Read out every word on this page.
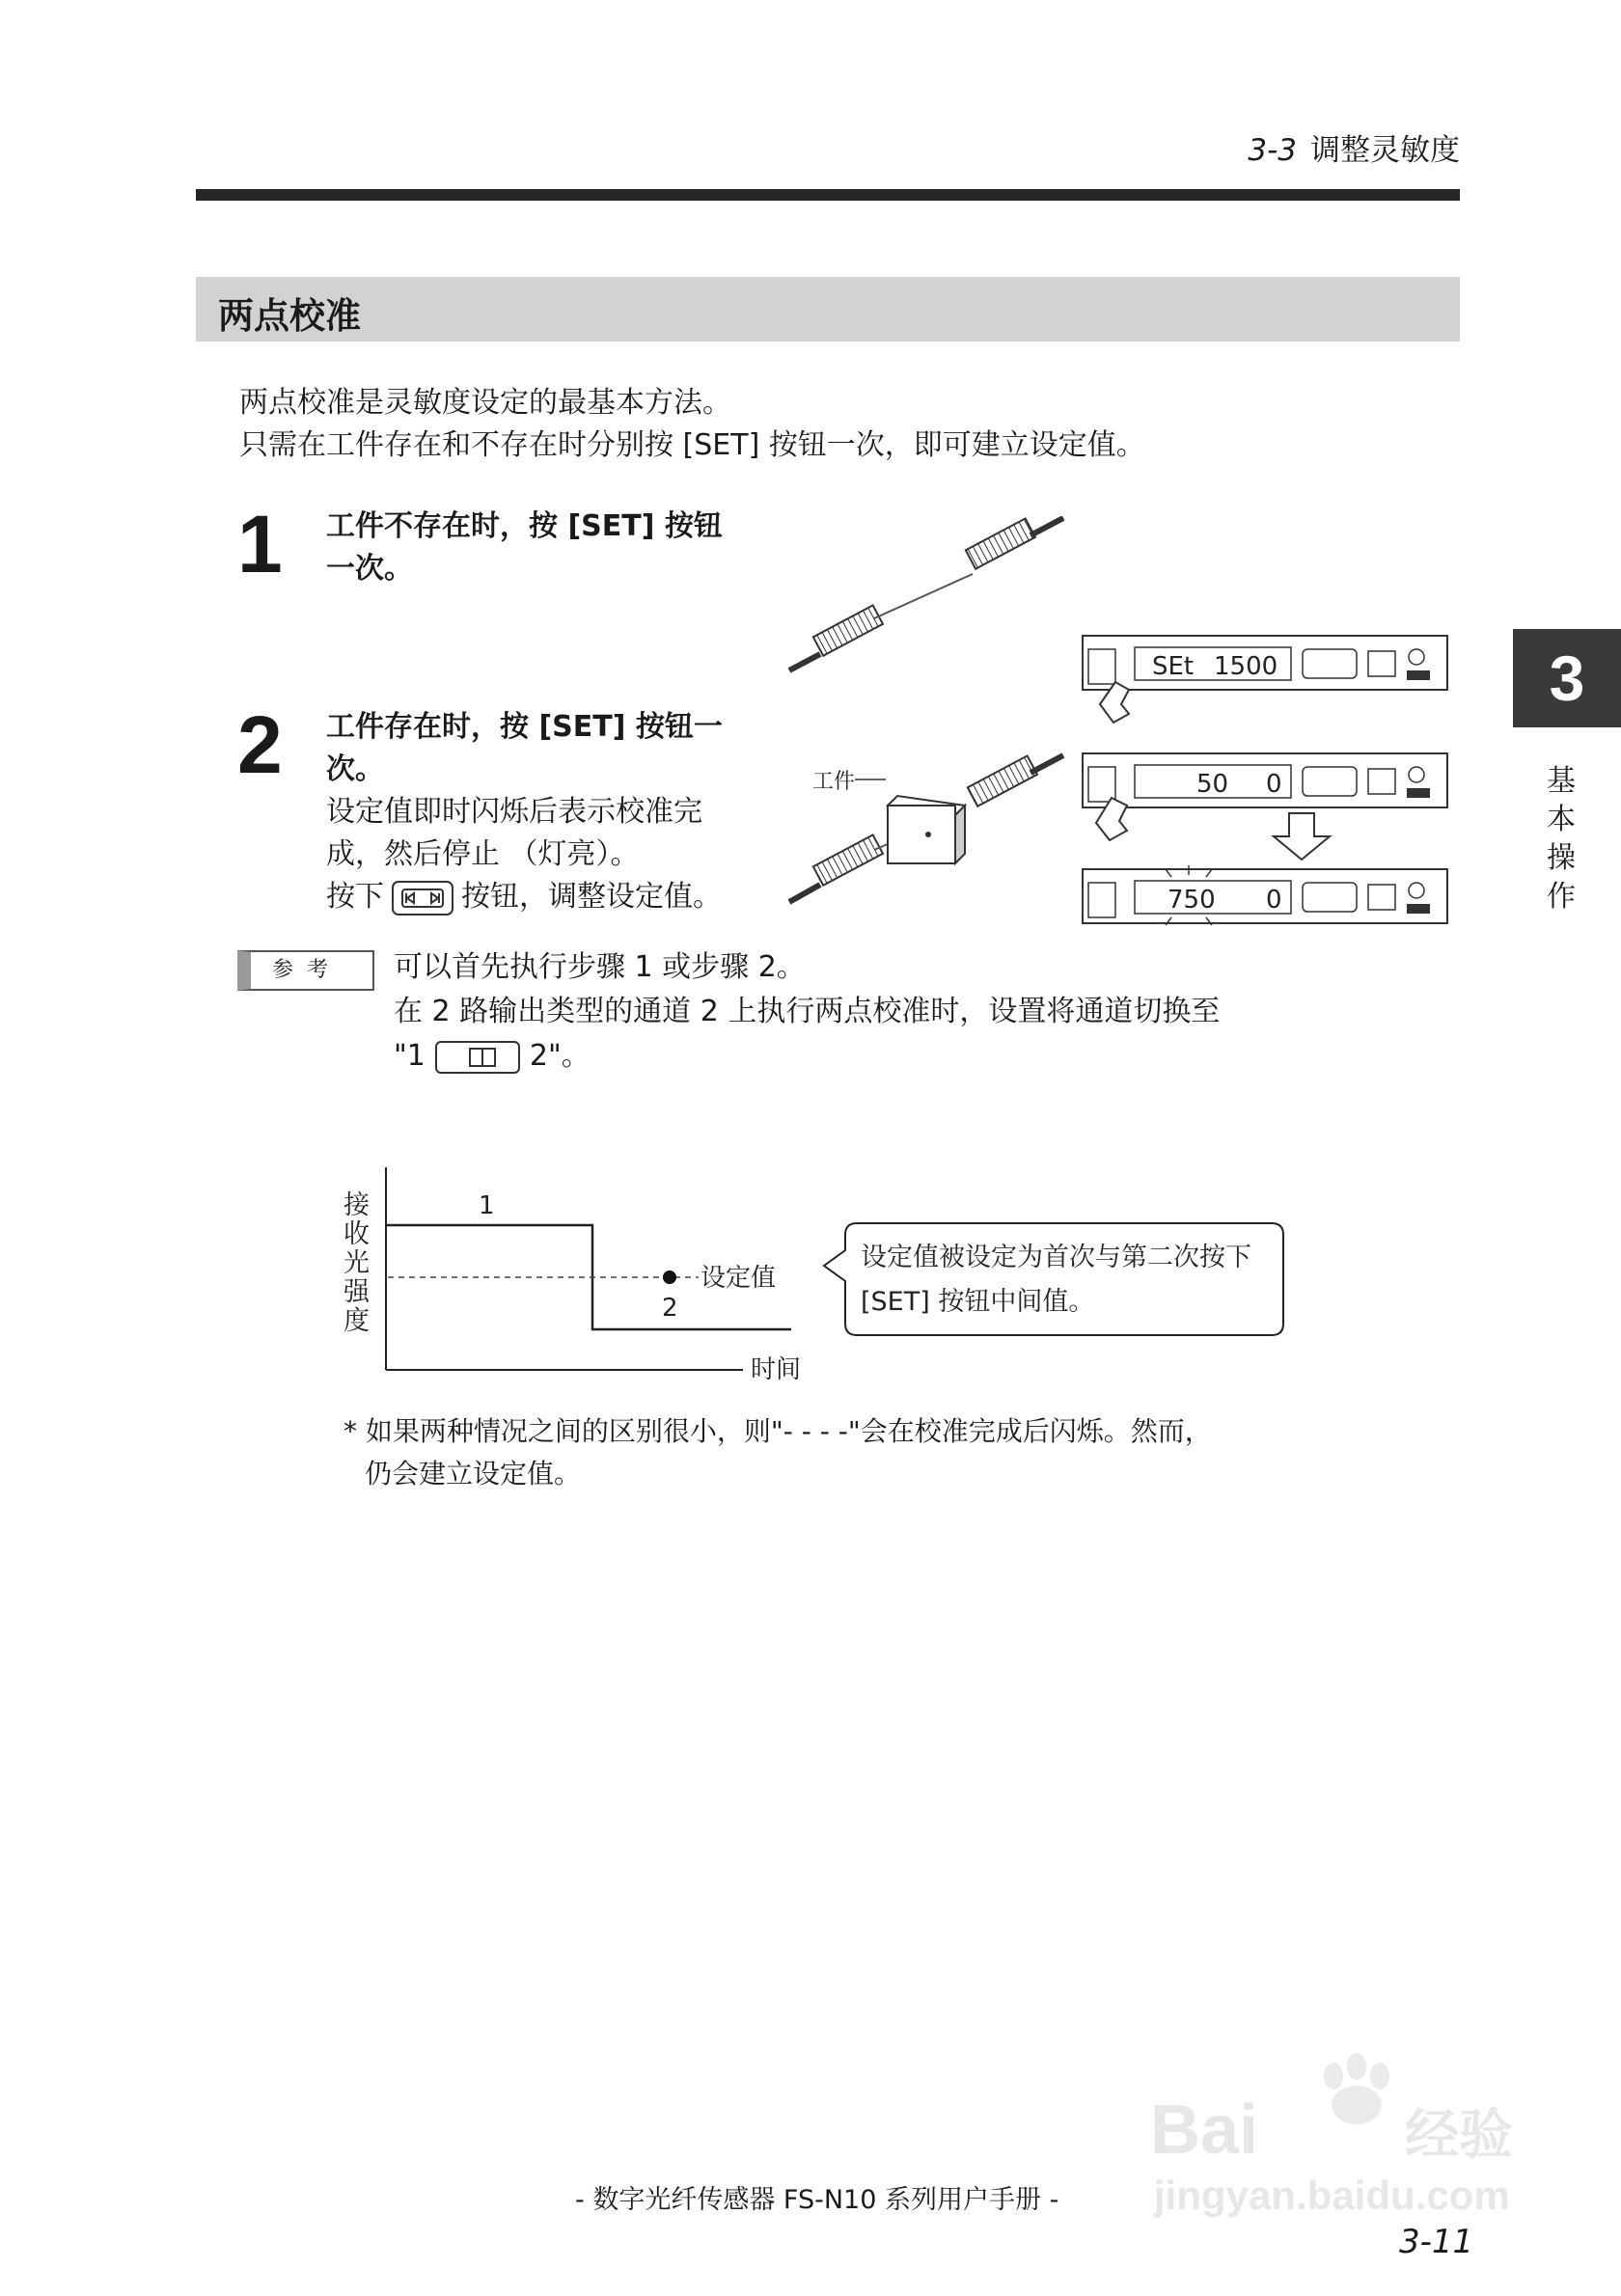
3-3 调整灵敏度
两点校准
两点校准是灵敏度设定的最基本方法。
只需在工件存在和不存在时分别按 [SET] 按钮一次，即可建立设定值。
1 工件不存在时，按 [SET] 按钮
一次。
2 工件存在时，按 [SET] 按钮一
次。
设定值即时闪烁后表示校准完
成，然后停止 （灯亮）。
按下	按钮，调整设定值。
工件
SEt 1500
50 0
750 0
3
基
本
操
作
参考	可以首先执行步骤 1 或步骤 2。
在 2 路输出类型的通道 2 上执行两点校准时，设置将通道切换至
"1	2"。
接 收 光 强 度
时间
1
2
设定值
设定值被设定为首次与第二次按下
[SET] 按钮中间值。
* 如果两种情况之间的区别很小，则"- - - -"会在校准完成后闪烁。然而，
仍会建立设定值。
Bai	经验
jingyan.baidu.com
- 数字光纤传感器 FS-N10 系列用户手册 -
3-11
